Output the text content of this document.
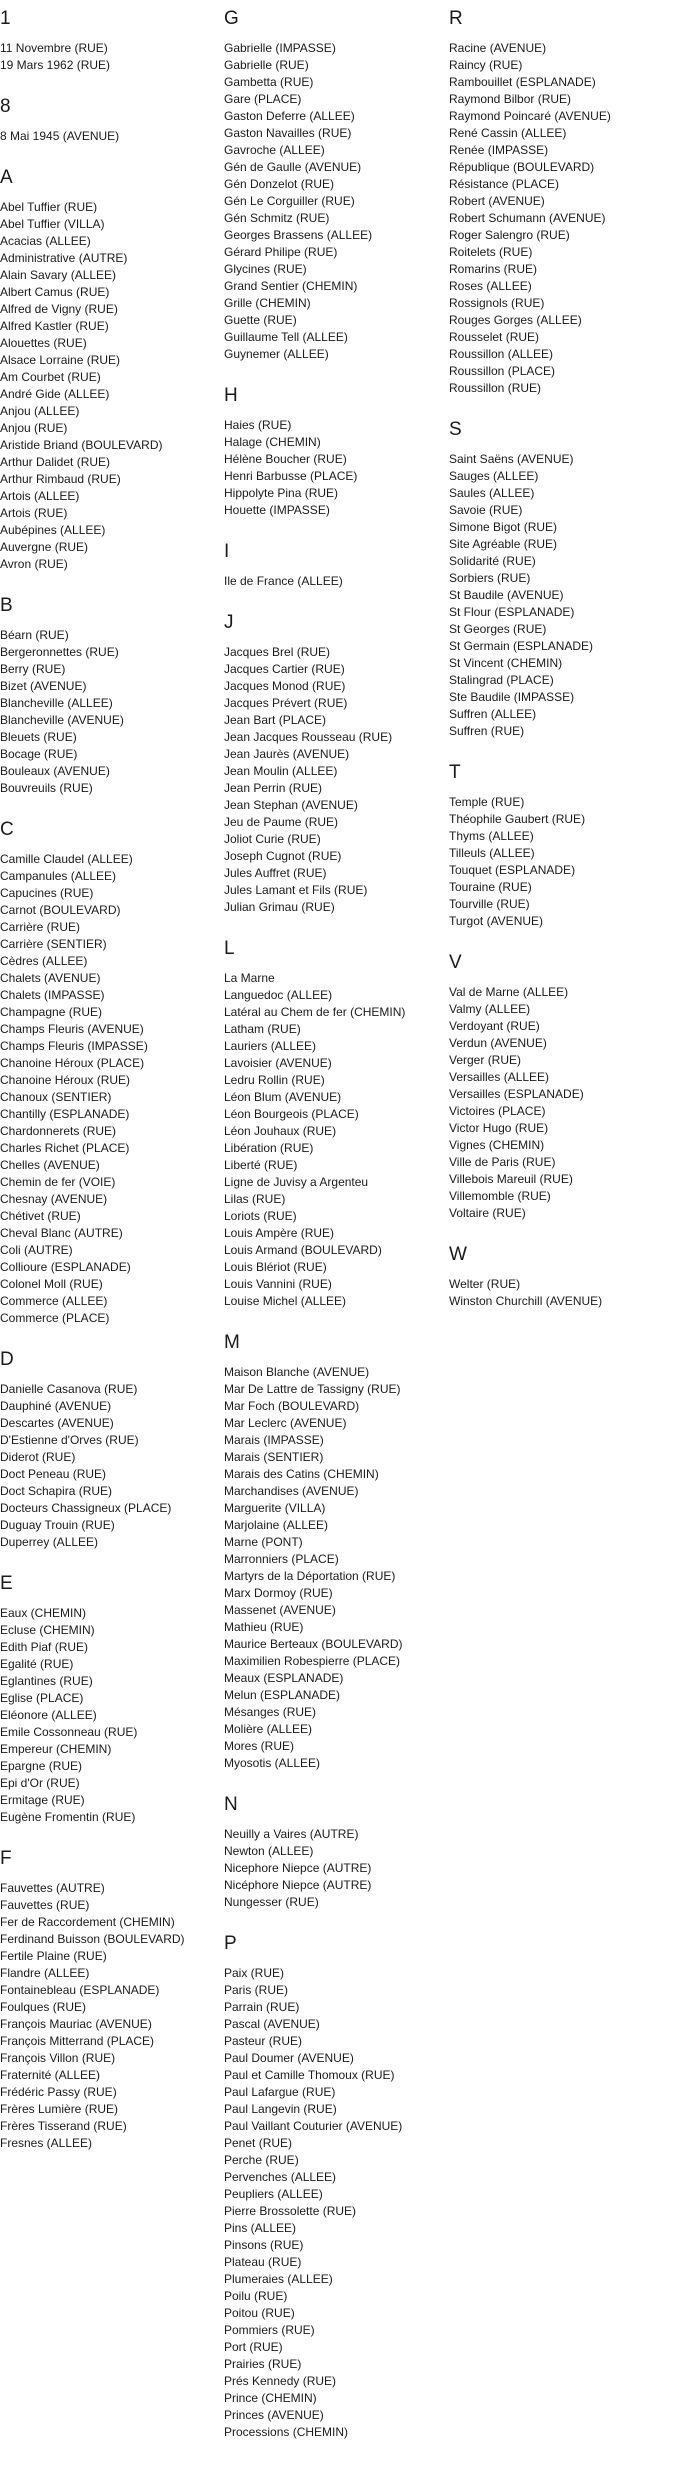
1
11 Novembre (RUE)
19 Mars 1962 (RUE)
8
8 Mai 1945 (AVENUE)
A
Abel Tuffier (RUE)
Abel Tuffier (VILLA)
Acacias (ALLEE)
Administrative (AUTRE)
Alain Savary (ALLEE)
Albert Camus (RUE)
Alfred de Vigny (RUE)
Alfred Kastler (RUE)
Alouettes (RUE)
Alsace Lorraine (RUE)
Am Courbet (RUE)
André Gide (ALLEE)
Anjou (ALLEE)
Anjou (RUE)
Aristide Briand (BOULEVARD)
Arthur Dalidet (RUE)
Arthur Rimbaud (RUE)
Artois (ALLEE)
Artois (RUE)
Aubépines (ALLEE)
Auvergne (RUE)
Avron (RUE)
B
Béarn (RUE)
Bergeronnettes (RUE)
Berry (RUE)
Bizet (AVENUE)
Blancheville (ALLEE)
Blancheville (AVENUE)
Bleuets (RUE)
Bocage (RUE)
Bouleaux (AVENUE)
Bouvreuils (RUE)
C
Camille Claudel (ALLEE)
Campanules (ALLEE)
Capucines (RUE)
Carnot (BOULEVARD)
Carrière (RUE)
Carrière (SENTIER)
Cèdres (ALLEE)
Chalets (AVENUE)
Chalets (IMPASSE)
Champagne (RUE)
Champs Fleuris (AVENUE)
Champs Fleuris (IMPASSE)
Chanoine Héroux (PLACE)
Chanoine Héroux (RUE)
Chanoux (SENTIER)
Chantilly (ESPLANADE)
Chardonnerets (RUE)
Charles Richet (PLACE)
Chelles (AVENUE)
Chemin de fer (VOIE)
Chesnay (AVENUE)
Chétivet (RUE)
Cheval Blanc (AUTRE)
Coli (AUTRE)
Collioure (ESPLANADE)
Colonel Moll (RUE)
Commerce (ALLEE)
Commerce (PLACE)
D
Danielle Casanova (RUE)
Dauphiné (AVENUE)
Descartes (AVENUE)
D'Estienne d'Orves (RUE)
Diderot (RUE)
Doct Peneau (RUE)
Doct Schapira (RUE)
Docteurs Chassigneux (PLACE)
Duguay Trouin (RUE)
Duperrey (ALLEE)
E
Eaux (CHEMIN)
Ecluse (CHEMIN)
Edith Piaf (RUE)
Egalité (RUE)
Eglantines (RUE)
Eglise (PLACE)
Eléonore (ALLEE)
Emile Cossonneau (RUE)
Empereur (CHEMIN)
Epargne (RUE)
Epi d'Or (RUE)
Ermitage (RUE)
Eugène Fromentin (RUE)
F
Fauvettes (AUTRE)
Fauvettes (RUE)
Fer de Raccordement (CHEMIN)
Ferdinand Buisson (BOULEVARD)
Fertile Plaine (RUE)
Flandre (ALLEE)
Fontainebleau (ESPLANADE)
Foulques (RUE)
François Mauriac (AVENUE)
François Mitterrand (PLACE)
François Villon (RUE)
Fraternité (ALLEE)
Frédéric Passy (RUE)
Frères Lumière (RUE)
Frères Tisserand (RUE)
Fresnes (ALLEE)
G
Gabrielle (IMPASSE)
Gabrielle (RUE)
Gambetta (RUE)
Gare (PLACE)
Gaston Deferre (ALLEE)
Gaston Navailles (RUE)
Gavroche (ALLEE)
Gén de Gaulle (AVENUE)
Gén Donzelot (RUE)
Gén Le Corguiller (RUE)
Gén Schmitz (RUE)
Georges Brassens (ALLEE)
Gérard Philipe (RUE)
Glycines (RUE)
Grand Sentier (CHEMIN)
Grille (CHEMIN)
Guette (RUE)
Guillaume Tell (ALLEE)
Guynemer (ALLEE)
H
Haies (RUE)
Halage (CHEMIN)
Hélène Boucher (RUE)
Henri Barbusse (PLACE)
Hippolyte Pina (RUE)
Houette (IMPASSE)
I
Ile de France (ALLEE)
J
Jacques Brel (RUE)
Jacques Cartier (RUE)
Jacques Monod (RUE)
Jacques Prévert (RUE)
Jean Bart (PLACE)
Jean Jacques Rousseau (RUE)
Jean Jaurès (AVENUE)
Jean Moulin (ALLEE)
Jean Perrin (RUE)
Jean Stephan (AVENUE)
Jeu de Paume (RUE)
Joliot Curie (RUE)
Joseph Cugnot (RUE)
Jules Auffret (RUE)
Jules Lamant et Fils (RUE)
Julian Grimau (RUE)
L
La Marne
Languedoc (ALLEE)
Latéral au Chem de fer (CHEMIN)
Latham (RUE)
Lauriers (ALLEE)
Lavoisier (AVENUE)
Ledru Rollin (RUE)
Léon Blum (AVENUE)
Léon Bourgeois (PLACE)
Léon Jouhaux (RUE)
Libération (RUE)
Liberté (RUE)
Ligne de Juvisy a Argenteu
Lilas (RUE)
Loriots (RUE)
Louis Ampère (RUE)
Louis Armand (BOULEVARD)
Louis Blériot (RUE)
Louis Vannini (RUE)
Louise Michel (ALLEE)
M
Maison Blanche (AVENUE)
Mar De Lattre de Tassigny (RUE)
Mar Foch (BOULEVARD)
Mar Leclerc (AVENUE)
Marais (IMPASSE)
Marais (SENTIER)
Marais des Catins (CHEMIN)
Marchandises (AVENUE)
Marguerite (VILLA)
Marjolaine (ALLEE)
Marne (PONT)
Marronniers (PLACE)
Martyrs de la Déportation (RUE)
Marx Dormoy (RUE)
Massenet (AVENUE)
Mathieu (RUE)
Maurice Berteaux (BOULEVARD)
Maximilien Robespierre (PLACE)
Meaux (ESPLANADE)
Melun (ESPLANADE)
Mésanges (RUE)
Molière (ALLEE)
Mores (RUE)
Myosotis (ALLEE)
N
Neuilly a Vaires (AUTRE)
Newton (ALLEE)
Nicephore Niepce (AUTRE)
Nicéphore Niepce (AUTRE)
Nungesser (RUE)
P
Paix (RUE)
Paris (RUE)
Parrain (RUE)
Pascal (AVENUE)
Pasteur (RUE)
Paul Doumer (AVENUE)
Paul et Camille Thomoux (RUE)
Paul Lafargue (RUE)
Paul Langevin (RUE)
Paul Vaillant Couturier (AVENUE)
Penet (RUE)
Perche (RUE)
Pervenches (ALLEE)
Peupliers (ALLEE)
Pierre Brossolette (RUE)
Pins (ALLEE)
Pinsons (RUE)
Plateau (RUE)
Plumeraies (ALLEE)
Poilu (RUE)
Poitou (RUE)
Pommiers (RUE)
Port (RUE)
Prairies (RUE)
Prés Kennedy (RUE)
Prince (CHEMIN)
Princes (AVENUE)
Processions (CHEMIN)
R
Racine (AVENUE)
Raincy (RUE)
Rambouillet (ESPLANADE)
Raymond Bilbor (RUE)
Raymond Poincaré (AVENUE)
René Cassin (ALLEE)
Renée (IMPASSE)
République (BOULEVARD)
Résistance (PLACE)
Robert (AVENUE)
Robert Schumann (AVENUE)
Roger Salengro (RUE)
Roitelets (RUE)
Romarins (RUE)
Roses (ALLEE)
Rossignols (RUE)
Rouges Gorges (ALLEE)
Rousselet (RUE)
Roussillon (ALLEE)
Roussillon (PLACE)
Roussillon (RUE)
S
Saint Saëns (AVENUE)
Sauges (ALLEE)
Saules (ALLEE)
Savoie (RUE)
Simone Bigot (RUE)
Site Agréable (RUE)
Solidarité (RUE)
Sorbiers (RUE)
St Baudile (AVENUE)
St Flour (ESPLANADE)
St Georges (RUE)
St Germain (ESPLANADE)
St Vincent (CHEMIN)
Stalingrad (PLACE)
Ste Baudile (IMPASSE)
Suffren (ALLEE)
Suffren (RUE)
T
Temple (RUE)
Théophile Gaubert (RUE)
Thyms (ALLEE)
Tilleuls (ALLEE)
Touquet (ESPLANADE)
Touraine (RUE)
Tourville (RUE)
Turgot (AVENUE)
V
Val de Marne (ALLEE)
Valmy (ALLEE)
Verdoyant (RUE)
Verdun (AVENUE)
Verger (RUE)
Versailles (ALLEE)
Versailles (ESPLANADE)
Victoires (PLACE)
Victor Hugo (RUE)
Vignes (CHEMIN)
Ville de Paris (RUE)
Villebois Mareuil (RUE)
Villemomble (RUE)
Voltaire (RUE)
W
Welter (RUE)
Winston Churchill (AVENUE)
